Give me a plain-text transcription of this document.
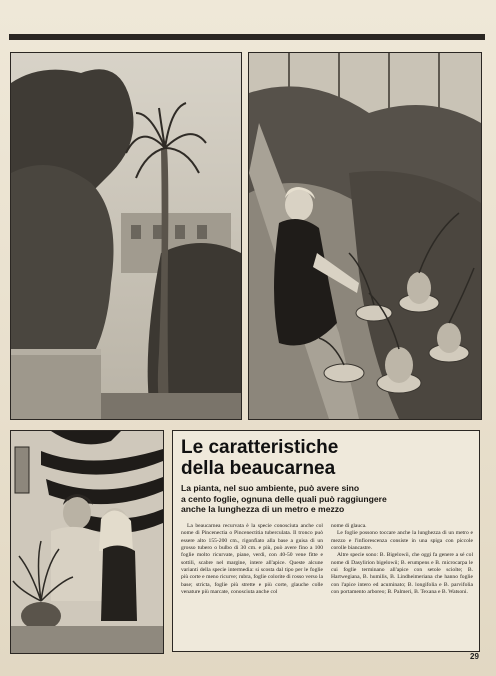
Le caratteristiche
della beaucarnea
La pianta, nel suo ambiente, può avere sino
a cento foglie, ognuna delle quali può raggiungere
anche la lunghezza di un metro e mezzo

La beaucarnea recurvata è la specie conosciuta anche col nome di Pincenectia o Pincenectitia tuberculata. Il tronco può essere alto 155-200 cm., rigonfiato alla base a guisa di un grosso tubero o bulbo di 30 cm. e più, può avere fino a 100 foglie molto ricurvate, piane, verdi, con 40-50 vene fitte e sottili, scabre nel margine, intere all'apice. Queste alcune varianti della specie intermedia: si scosta dal tipo per le foglie più corte e meno ricurve; rubra, foglie colorite di rosso verso la base; stricta, foglie più strette e più corte, glauche colle venature più marcate, conosciuta anche col

nome di glauca.

Le foglie possono toccare anche la lunghezza di un metro e mezzo e l'infiorescenza consiste in una spiga con piccole corolle biancastre.

Altre specie sono: B. Bigelowii, che oggi fa genere a sé col nome di Dasylirion bigelowii; B. erumpens e B. microcarpa le cui foglie terminano all'apice con setole sciolte; B. Hartwegiana, B. humilis, B. Lindheimeriana che hanno foglie con l'apice intero ed acuminato; B. longifolia e B. parvifolia con portamento arboreo; B. Palmeri, B. Texana e B. Watsoni.

29
